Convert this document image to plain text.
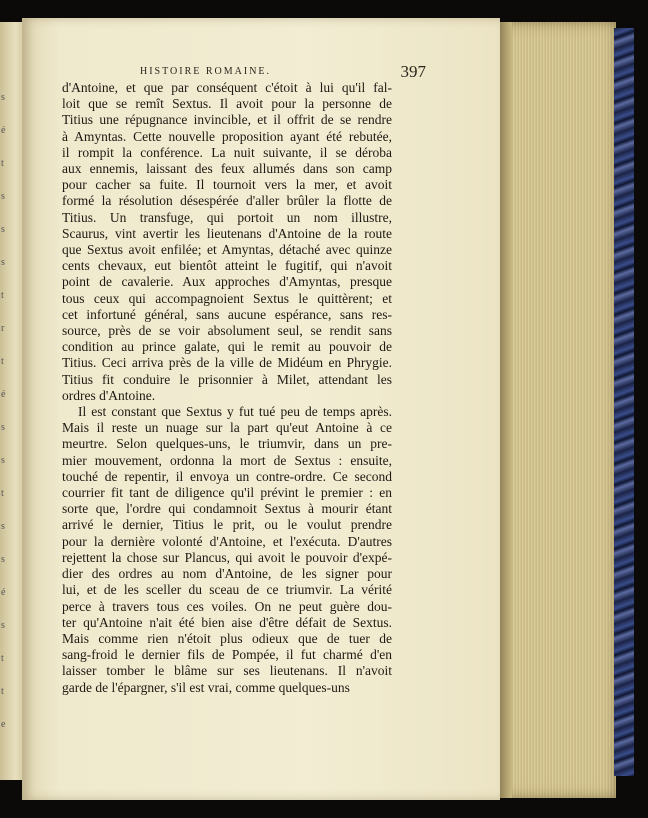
s
é
t
s
s
s
t
r
t
é
s
s
t
s
s
é
s
t
t
e
HISTOIRE ROMAINE.	397
d'Antoine, et que par conséquent c'étoit à lui qu'il fal-
loit que se remît Sextus. Il avoit pour la personne de
Titius une répugnance invincible, et il offrit de se rendre
à Amyntas. Cette nouvelle proposition ayant été rebutée,
il rompit la conférence. La nuit suivante, il se déroba
aux ennemis, laissant des feux allumés dans son camp
pour cacher sa fuite. Il tournoit vers la mer, et avoit
formé la résolution désespérée d'aller brûler la flotte de
Titius. Un transfuge, qui portoit un nom illustre,
Scaurus, vint avertir les lieutenans d'Antoine de la route
que Sextus avoit enfilée; et Amyntas, détaché avec quinze
cents chevaux, eut bientôt atteint le fugitif, qui n'avoit
point de cavalerie. Aux approches d'Amyntas, presque
tous ceux qui accompagnoient Sextus le quittèrent; et
cet infortuné général, sans aucune espérance, sans res-
source, près de se voir absolument seul, se rendit sans
condition au prince galate, qui le remit au pouvoir de
Titius. Ceci arriva près de la ville de Midéum en Phrygie.
Titius fit conduire le prisonnier à Milet, attendant les
ordres d'Antoine.
Il est constant que Sextus y fut tué peu de temps après.
Mais il reste un nuage sur la part qu'eut Antoine à ce
meurtre. Selon quelques-uns, le triumvir, dans un pre-
mier mouvement, ordonna la mort de Sextus : ensuite,
touché de repentir, il envoya un contre-ordre. Ce second
courrier fit tant de diligence qu'il prévint le premier : en
sorte que, l'ordre qui condamnoit Sextus à mourir étant
arrivé le dernier, Titius le prit, ou le voulut prendre
pour la dernière volonté d'Antoine, et l'exécuta. D'autres
rejettent la chose sur Plancus, qui avoit le pouvoir d'expé-
dier des ordres au nom d'Antoine, de les signer pour
lui, et de les sceller du sceau de ce triumvir. La vérité
perce à travers tous ces voiles. On ne peut guère dou-
ter qu'Antoine n'ait été bien aise d'être défait de Sextus.
Mais comme rien n'étoit plus odieux que de tuer de
sang-froid le dernier fils de Pompée, il fut charmé d'en
laisser tomber le blâme sur ses lieutenans. Il n'avoit
garde de l'épargner, s'il est vrai, comme quelques-uns
